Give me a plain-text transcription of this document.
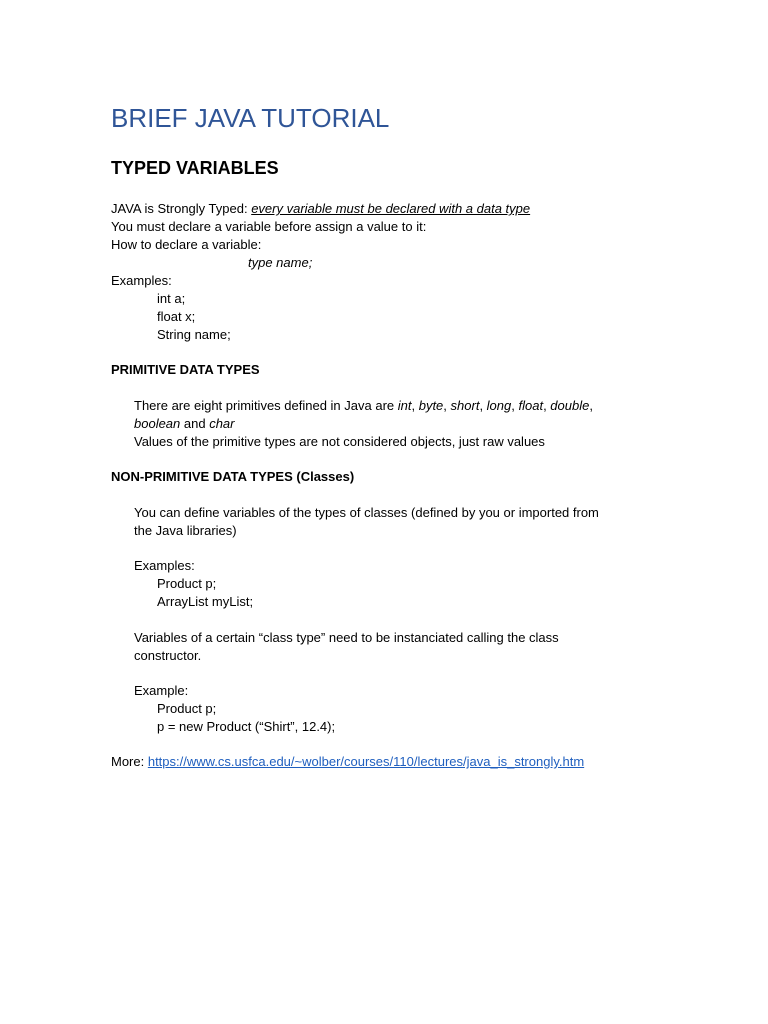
BRIEF JAVA TUTORIAL
TYPED VARIABLES
JAVA is Strongly Typed: every variable must be declared with a data type
You must declare a variable before assign a value to it:
How to declare a variable:
type name;
Examples:
int a;
float x;
String name;
PRIMITIVE DATA TYPES
There are eight primitives defined in Java are int, byte, short, long, float, double,
boolean and char
Values of the primitive types are not considered objects, just raw values
NON-PRIMITIVE DATA TYPES (Classes)
You can define variables of the types of classes (defined by you or imported from
the Java libraries)
Examples:
Product p;
ArrayList myList;
Variables of a certain “class type” need to be instanciated calling the class
constructor.
Example:
Product p;
p = new Product (“Shirt”, 12.4);
More: https://www.cs.usfca.edu/~wolber/courses/110/lectures/java_is_strongly.htm
